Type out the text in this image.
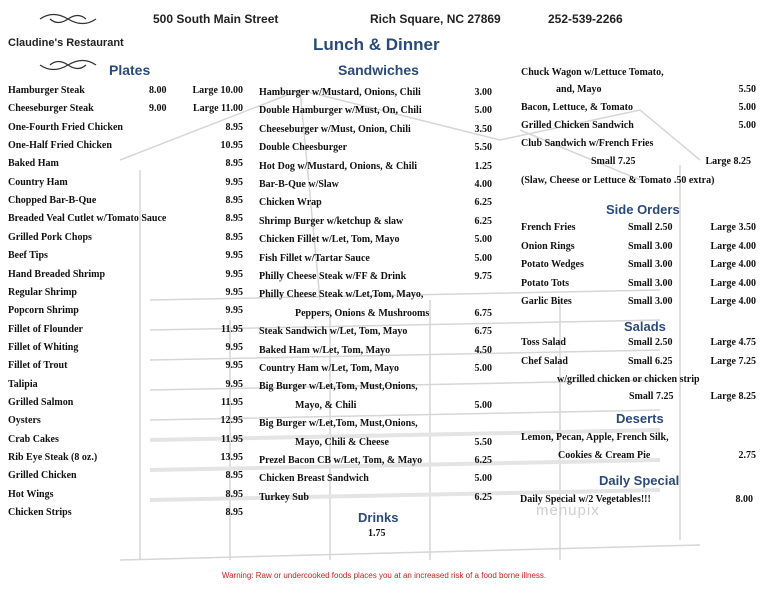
Claudine's Restaurant
500 South Main Street	Rich Square, NC 27869	252-539-2266
Lunch & Dinner
Plates	Sandwiches
Hamburger Steak	8.00	Large 10.00
Cheeseburger Steak	9.00	Large 11.00
One-Fourth Fried Chicken	8.95
One-Half Fried Chicken	10.95
Baked Ham	8.95
Country Ham	9.95
Chopped Bar-B-Que	8.95
Breaded Veal Cutlet w/Tomato Sauce	8.95
Grilled Pork Chops	8.95
Beef Tips	9.95
Hand Breaded Shrimp	9.95
Regular Shrimp	9.95
Popcorn Shrimp	9.95
Fillet of Flounder	11.95
Fillet of Whiting	9.95
Fillet of Trout	9.95
Talipia	9.95
Grilled Salmon	11.95
Oysters	12.95
Crab Cakes	11.95
Rib Eye Steak (8 oz.)	13.95
Grilled Chicken	8.95
Hot Wings	8.95
Chicken Strips	8.95
Hamburger w/Mustard, Onions, Chili	3.00
Double Hamburger w/Must, On, Chili	5.00
Cheeseburger w/Must, Onion, Chili	3.50
Double Cheesburger	5.50
Hot Dog w/Mustard, Onions, & Chili	1.25
Bar-B-Que w/Slaw	4.00
Chicken Wrap	6.25
Shrimp Burger w/ketchup & slaw	6.25
Chicken Fillet w/Let, Tom, Mayo	5.00
Fish Fillet w/Tartar Sauce	5.00
Philly Cheese Steak w/FF & Drink	9.75
Philly Cheese Steak w/Let,Tom, Mayo,
Peppers, Onions & Mushrooms	6.75
Steak Sandwich w/Let, Tom, Mayo	6.75
Baked Ham w/Let, Tom, Mayo	4.50
Country Ham w/Let, Tom, Mayo	5.00
Big Burger w/Let,Tom, Must,Onions,
Mayo, & Chili	5.00
Big Burger w/Let,Tom, Must,Onions,
Mayo, Chili & Cheese	5.50
Prezel Bacon CB w/Let, Tom, & Mayo	6.25
Chicken Breast Sandwich	5.00
Turkey Sub	6.25
Chuck Wagon w/Lettuce Tomato,
and, Mayo	5.50
Bacon, Lettuce, & Tomato	5.00
Grilled Chicken Sandwich	5.00
Club Sandwich w/French Fries
Small 7.25	Large 8.25
(Slaw, Cheese or Lettuce & Tomato .50 extra)
Side Orders
French Fries	Small 2.50	Large 3.50
Onion Rings	Small 3.00	Large 4.00
Potato Wedges	Small 3.00	Large 4.00
Potato Tots	Small 3.00	Large 4.00
Garlic Bites	Small 3.00	Large 4.00
Salads
Toss Salad	Small 2.50	Large 4.75
Chef Salad	Small 6.25	Large 7.25
w/grilled chicken or chicken strip
Small 7.25	Large 8.25
Deserts
Lemon, Pecan, Apple, French Silk,
Cookies & Cream Pie	2.75
Daily Special
Daily Special w/2 Vegetables!!!	8.00
Drinks
1.75
menupix
Warning: Raw or undercooked foods places you at an increased risk of a food borne illness.
